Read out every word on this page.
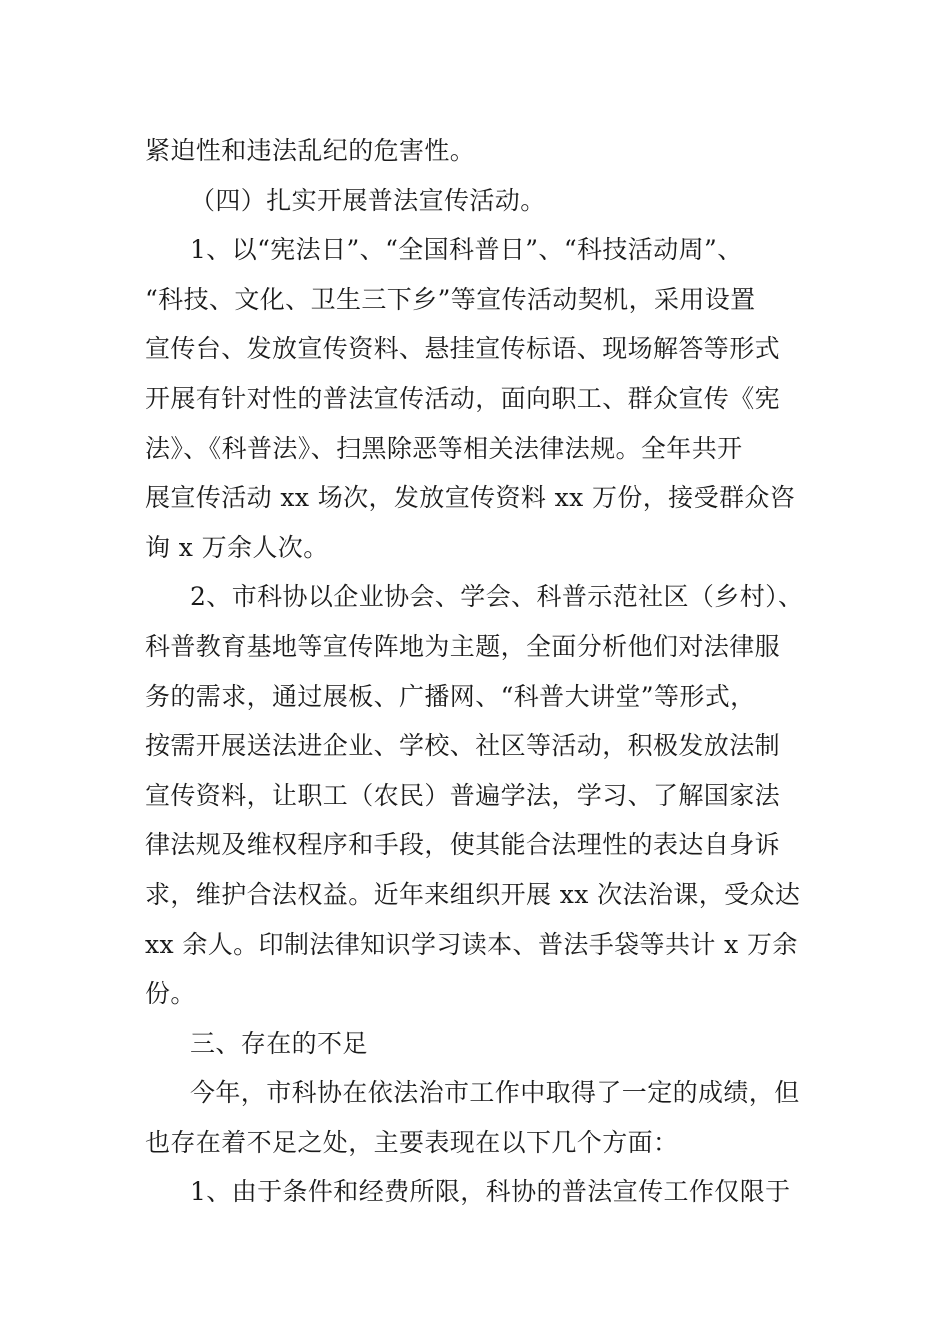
紧迫性和违法乱纪的危害性。
（四）扎实开展普法宣传活动。
1、以“宪法日”、“全国科普日”、“科技活动周”、
“科技、文化、卫生三下乡”等宣传活动契机，采用设置
宣传台、发放宣传资料、悬挂宣传标语、现场解答等形式
开展有针对性的普法宣传活动，面向职工、群众宣传《宪
法》、《科普法》、扫黑除恶等相关法律法规。全年共开
展宣传活动 xx 场次，发放宣传资料 xx 万份，接受群众咨
询 x 万余人次。
2、市科协以企业协会、学会、科普示范社区（乡村）、
科普教育基地等宣传阵地为主题，全面分析他们对法律服
务的需求，通过展板、广播网、“科普大讲堂”等形式，
按需开展送法进企业、学校、社区等活动，积极发放法制
宣传资料，让职工（农民）普遍学法，学习、了解国家法
律法规及维权程序和手段，使其能合法理性的表达自身诉
求，维护合法权益。近年来组织开展 xx 次法治课，受众达
xx 余人。印制法律知识学习读本、普法手袋等共计 x 万余
份。
三、存在的不足
今年，市科协在依法治市工作中取得了一定的成绩，但
也存在着不足之处，主要表现在以下几个方面：
1、由于条件和经费所限，科协的普法宣传工作仅限于
